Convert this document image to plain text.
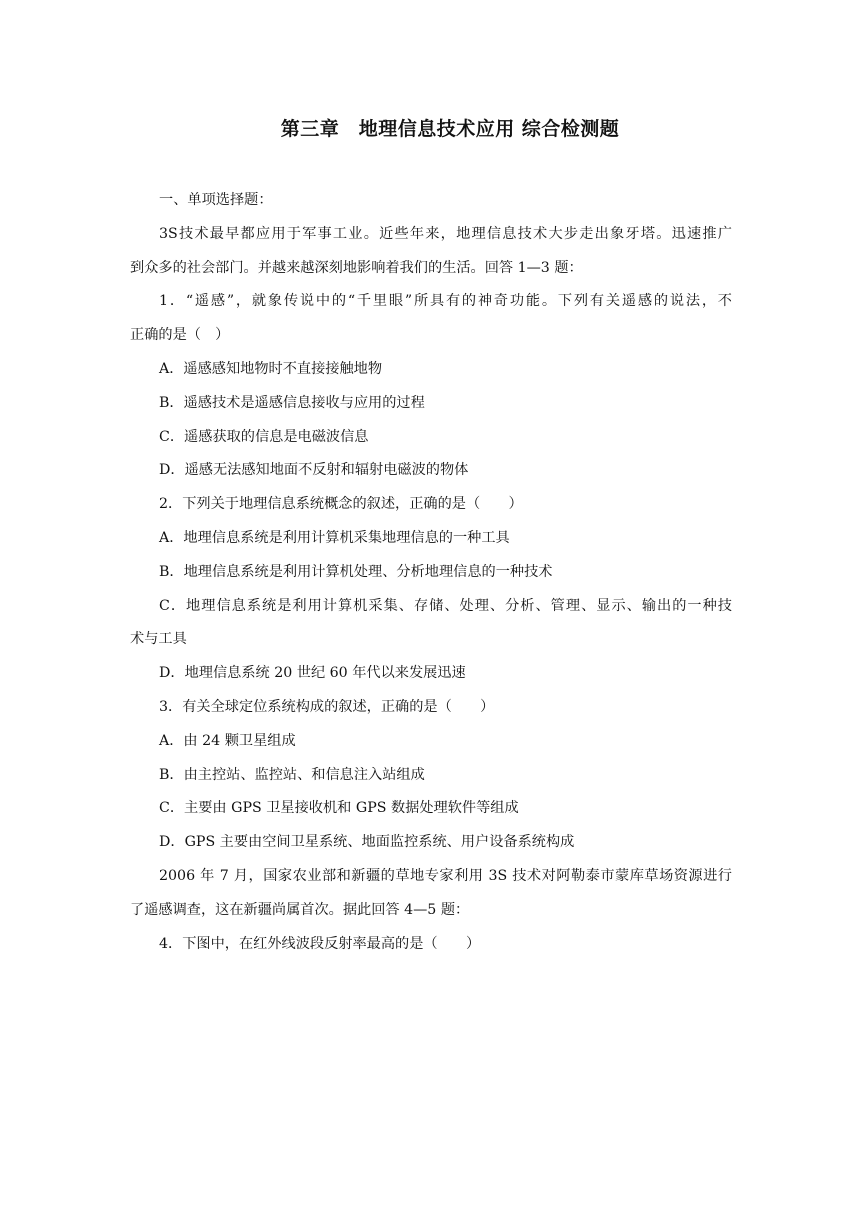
第三章　地理信息技术应用 综合检测题
一、单项选择题：
3S技术最早都应用于军事工业。近些年来，地理信息技术大步走出象牙塔。迅速推广
到众多的社会部门。并越来越深刻地影响着我们的生活。回答 1—3 题：
1．“遥感”，就象传说中的“千里眼”所具有的神奇功能。下列有关遥感的说法，不
正确的是（　）
A．遥感感知地物时不直接接触地物
B．遥感技术是遥感信息接收与应用的过程
C．遥感获取的信息是电磁波信息
D．遥感无法感知地面不反射和辐射电磁波的物体
2．下列关于地理信息系统概念的叙述，正确的是（　　）
A．地理信息系统是利用计算机采集地理信息的一种工具
B．地理信息系统是利用计算机处理、分析地理信息的一种技术
C．地理信息系统是利用计算机采集、存储、处理、分析、管理、显示、输出的一种技
术与工具
D．地理信息系统 20 世纪 60 年代以来发展迅速
3．有关全球定位系统构成的叙述，正确的是（　　）
A．由 24 颗卫星组成
B．由主控站、监控站、和信息注入站组成
C．主要由 GPS 卫星接收机和 GPS 数据处理软件等组成
D．GPS 主要由空间卫星系统、地面监控系统、用户设备系统构成
2006 年 7 月，国家农业部和新疆的草地专家利用 3S 技术对阿勒泰市蒙库草场资源进行
了遥感调查，这在新疆尚属首次。据此回答 4—5 题：
4．下图中，在红外线波段反射率最高的是（　　）
